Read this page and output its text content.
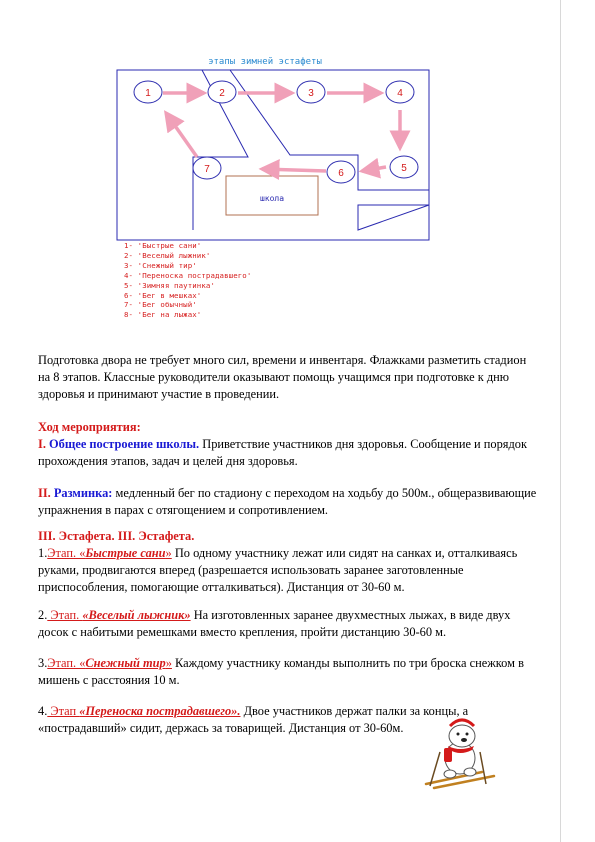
этапы зимней эстафеты
школа
1	2	3	4
5
6
7
1- 'Быстрые сани'
2- 'Веселый лыжник'
3- 'Снежный тир'
4- 'Переноска пострадавшего'
5- 'Зимняя паутинка'
6- 'Бег в мешках'
7- 'Бег обычный'
8- 'Бег на лыжах'

Подготовка двора не требует много сил, времени и инвентаря. Флажками разметить стадион на 8 этапов. Классные руководители оказывают помощь учащимся при подготовке к дню здоровья и принимают участие в проведении.

Ход мероприятия:

I. Общее построение школы. Приветствие участников дня здоровья. Сообщение и порядок прохождения этапов, задач и целей дня здоровья.

II. Разминка: медленный бег по стадиону с переходом на ходьбу до 500м., общеразвивающие упражнения в парах с отягощением и сопротивлением.

III. Эстафета. III. Эстафета.

1.Этап. «Быстрые сани» По одному участнику лежат или сидят на санках и, отталкиваясь руками, продвигаются вперед (разрешается использовать заранее заготовленные приспособления, помогающие отталкиваться). Дистанция от 30-60 м.

2. Этап. «Веселый лыжник» На изготовленных заранее двухместных лыжах, в виде двух досок с набитыми ремешками вместо крепления, пройти дистанцию 30-60 м.

3.Этап. «Снежный тир» Каждому участнику команды выполнить по три броска снежком в мишень с расстояния 10 м.

4. Этап «Переноска пострадавшего». Двое участников держат палки за концы, а «пострадавший» сидит, держась за товарищей. Дистанция от 30-60м.
